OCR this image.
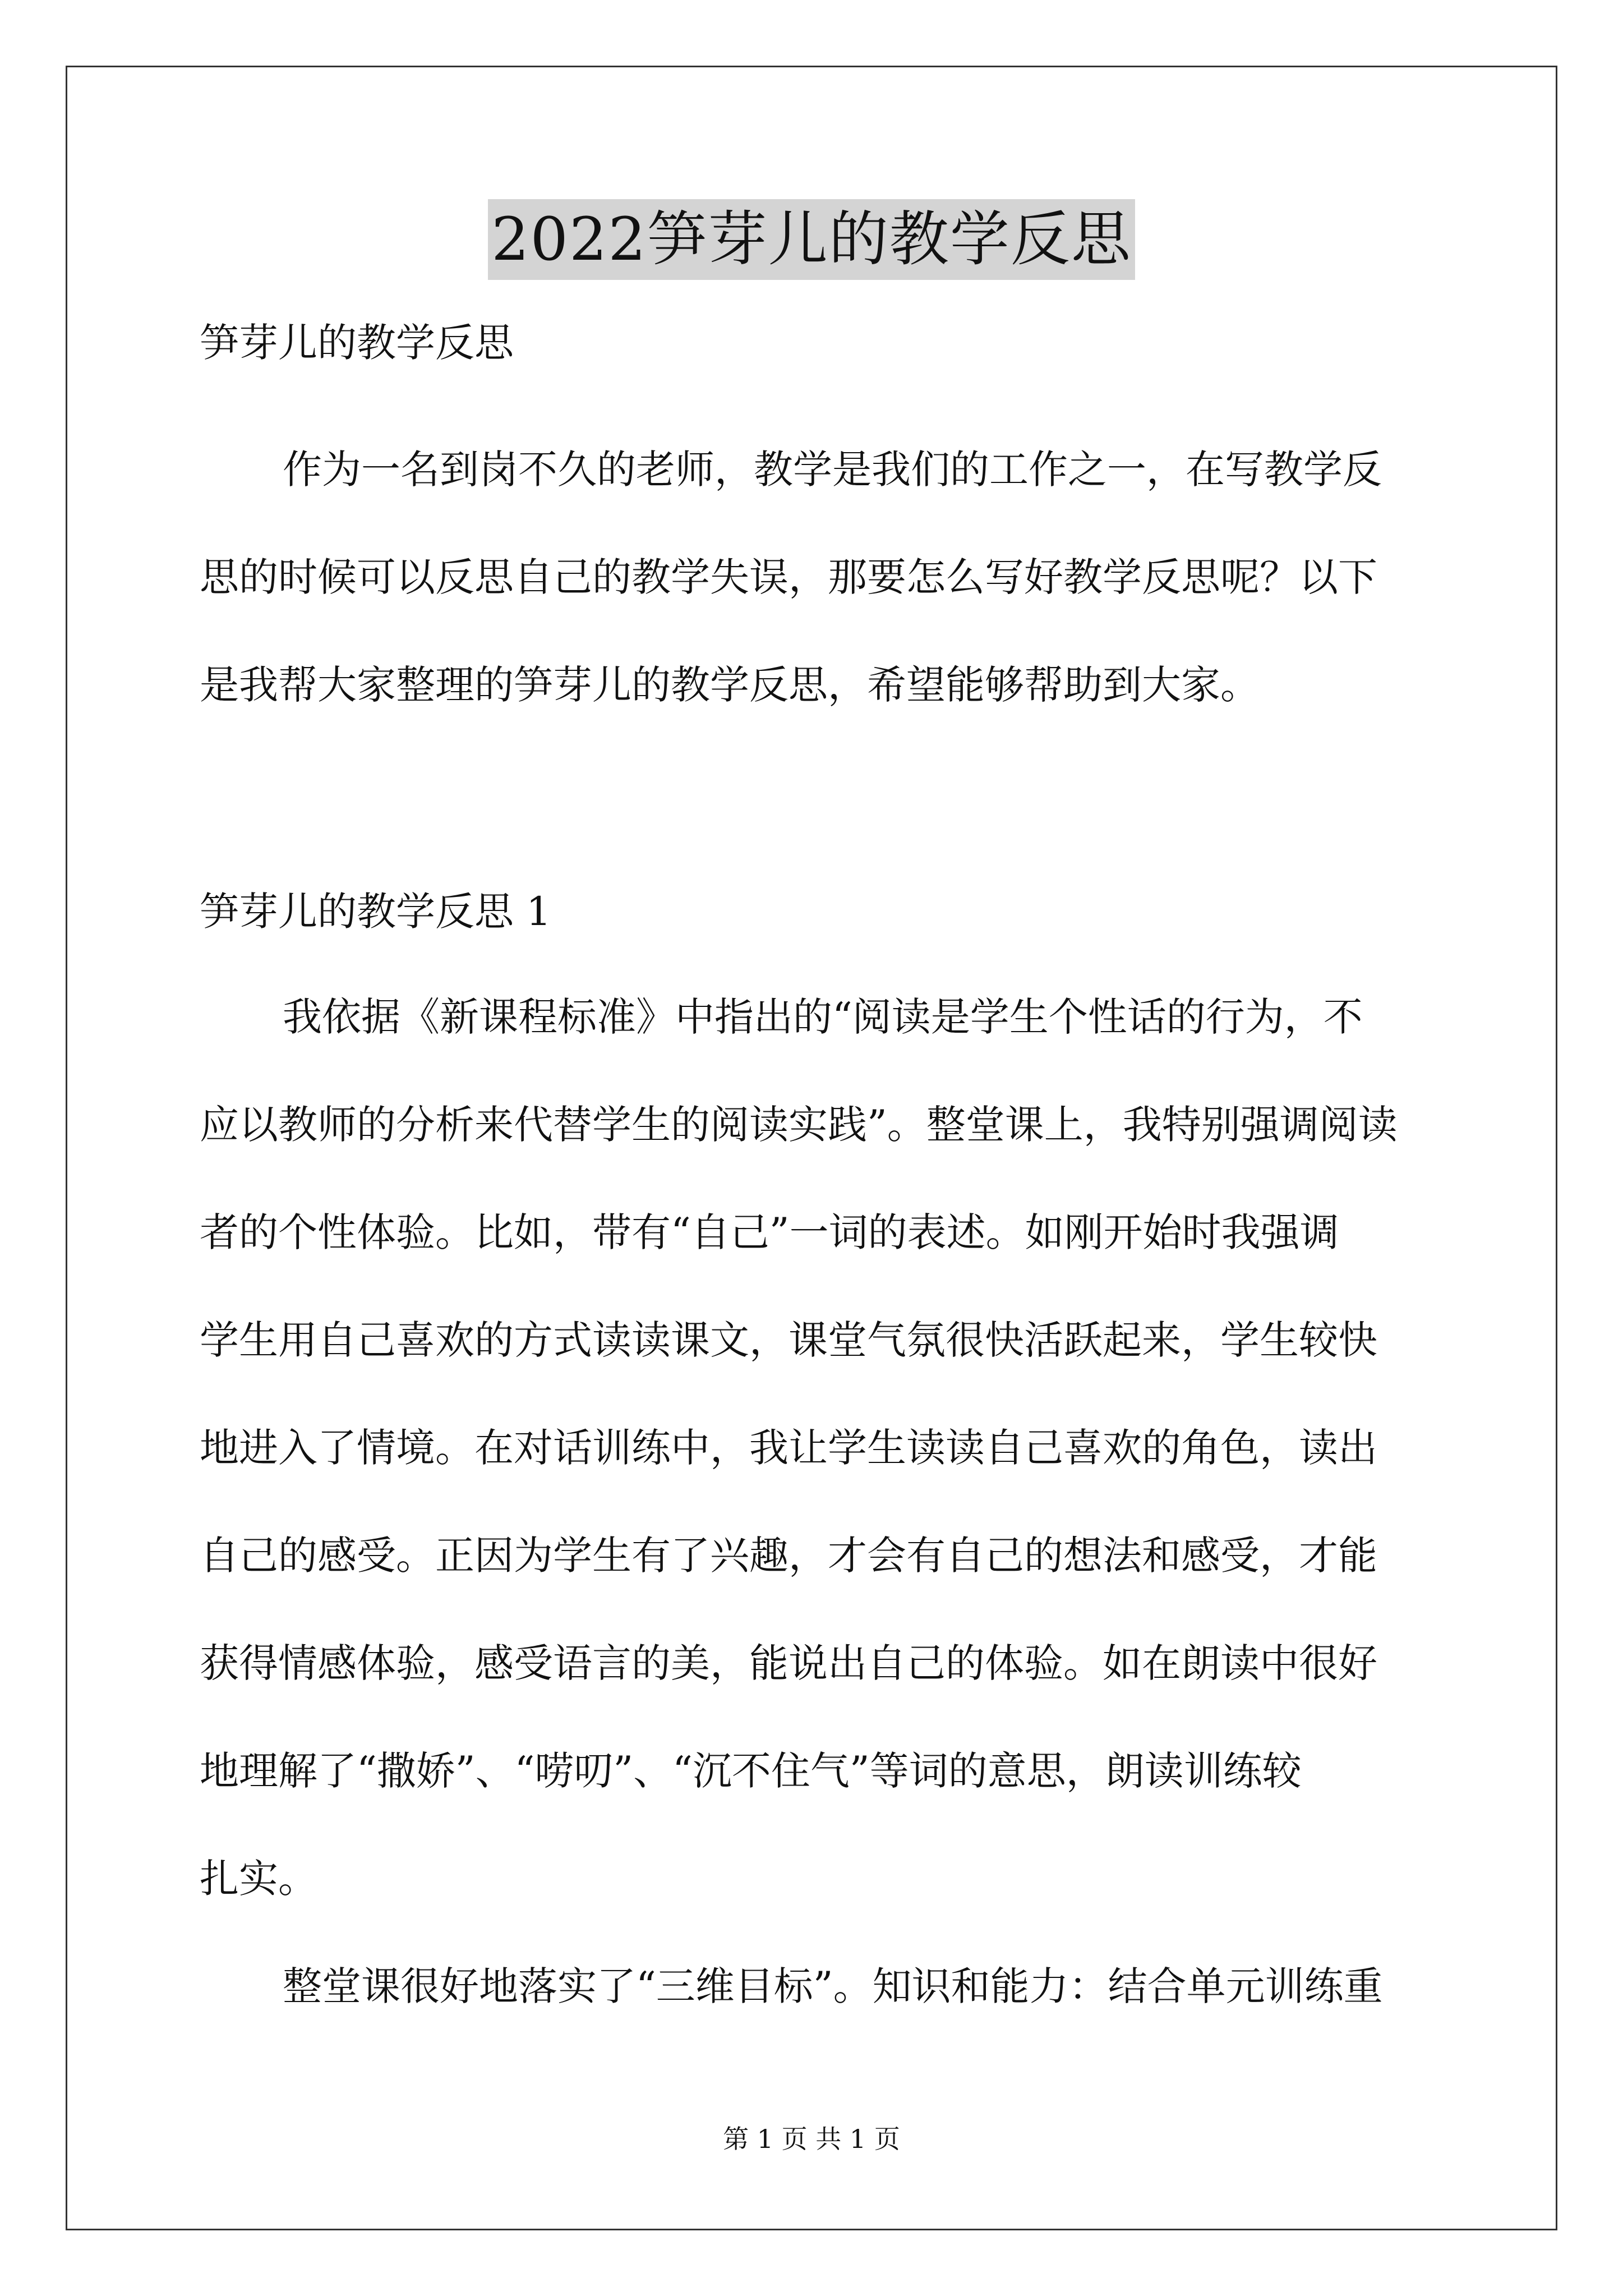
2022笋芽儿的教学反思
笋芽儿的教学反思
作为一名到岗不久的老师，教学是我们的工作之一，在写教学反
思的时候可以反思自己的教学失误，那要怎么写好教学反思呢？以下
是我帮大家整理的笋芽儿的教学反思，希望能够帮助到大家。
笋芽儿的教学反思 1
我依据《新课程标准》中指出的“阅读是学生个性话的行为，不
应以教师的分析来代替学生的阅读实践”。整堂课上，我特别强调阅读
者的个性体验。比如，带有“自己”一词的表述。如刚开始时我强调
学生用自己喜欢的方式读读课文，课堂气氛很快活跃起来，学生较快
地进入了情境。在对话训练中，我让学生读读自己喜欢的角色，读出
自己的感受。正因为学生有了兴趣，才会有自己的想法和感受，才能
获得情感体验，感受语言的美，能说出自己的体验。如在朗读中很好
地理解了“撒娇”、“唠叨”、“沉不住气”等词的意思，朗读训练较
扎实。
整堂课很好地落实了“三维目标”。知识和能力：结合单元训练重
第 1 页 共 1 页
